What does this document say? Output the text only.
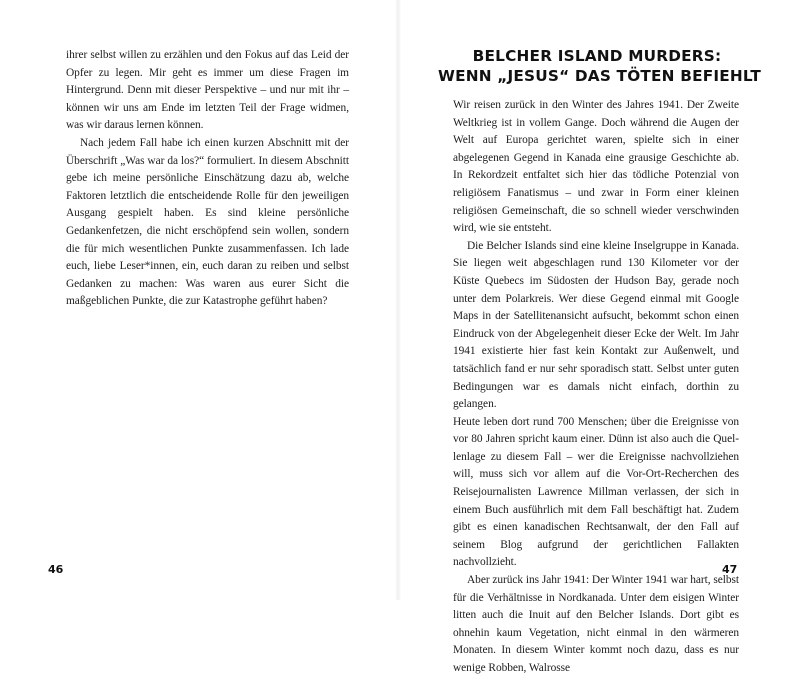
ihrer selbst willen zu erzählen und den Fokus auf das Leid der Opfer zu legen. Mir geht es immer um diese Fragen im Hintergrund. Denn mit dieser Perspektive – und nur mit ihr – können wir uns am Ende im letzten Teil der Frage widmen, was wir daraus lernen können.

Nach jedem Fall habe ich einen kurzen Abschnitt mit der Überschrift „Was war da los?“ formuliert. In diesem Abschnitt gebe ich meine persönliche Einschätzung dazu ab, welche Faktoren letztlich die entscheidende Rolle für den jeweiligen Ausgang gespielt haben. Es sind kleine persönliche Gedankenfetzen, die nicht erschöpfend sein wollen, sondern die für mich wesentlichen Punkte zusammenfassen. Ich lade euch, liebe Leser*innen, ein, euch daran zu reiben und selbst Gedanken zu machen: Was waren aus eurer Sicht die maßgeblichen Punkte, die zur Katastrophe geführt haben?

46

BELCHER ISLAND MURDERS:
WENN „JESUS“ DAS TÖTEN BEFIEHLT

Wir reisen zurück in den Winter des Jahres 1941. Der Zweite Weltkrieg ist in vollem Gange. Doch während die Augen der Welt auf Europa gerichtet waren, spielte sich in einer abgelegenen Gegend in Kanada eine grausige Geschichte ab. In Rekordzeit entfaltet sich hier das tödliche Potenzial von religiösem Fanatismus – und zwar in Form einer kleinen religiösen Gemeinschaft, die so schnell wieder verschwinden wird, wie sie entsteht.

Die Belcher Islands sind eine kleine Inselgruppe in Kanada. Sie liegen weit abgeschlagen rund 130 Kilometer vor der Küste Quebecs im Südosten der Hudson Bay, gerade noch unter dem Polarkreis. Wer diese Gegend einmal mit Google Maps in der Satellitenansicht aufsucht, bekommt schon einen Eindruck von der Abgelegenheit dieser Ecke der Welt. Im Jahr 1941 existierte hier fast kein Kontakt zur Außenwelt, und tatsächlich fand er nur sehr sporadisch statt. Selbst unter guten Bedingungen war es damals nicht einfach, dorthin zu gelangen.

Heute leben dort rund 700 Menschen; über die Ereignisse von vor 80 Jahren spricht kaum einer. Dünn ist also auch die Quellenlage zu diesem Fall – wer die Ereignisse nachvollziehen will, muss sich vor allem auf die Vor-Ort-Recherchen des Reisejournalisten Lawrence Millman verlassen, der sich in einem Buch ausführlich mit dem Fall beschäftigt hat. Zudem gibt es einen kanadischen Rechtsanwalt, der den Fall auf seinem Blog aufgrund der gerichtlichen Fallakten nachvollzieht.

Aber zurück ins Jahr 1941: Der Winter 1941 war hart, selbst für die Verhältnisse in Nordkanada. Unter dem eisigen Winter litten auch die Inuit auf den Belcher Islands. Dort gibt es ohnehin kaum Vegetation, nicht einmal in den wärmeren Monaten. In diesem Winter kommt noch dazu, dass es nur wenige Robben, Walrosse

47
